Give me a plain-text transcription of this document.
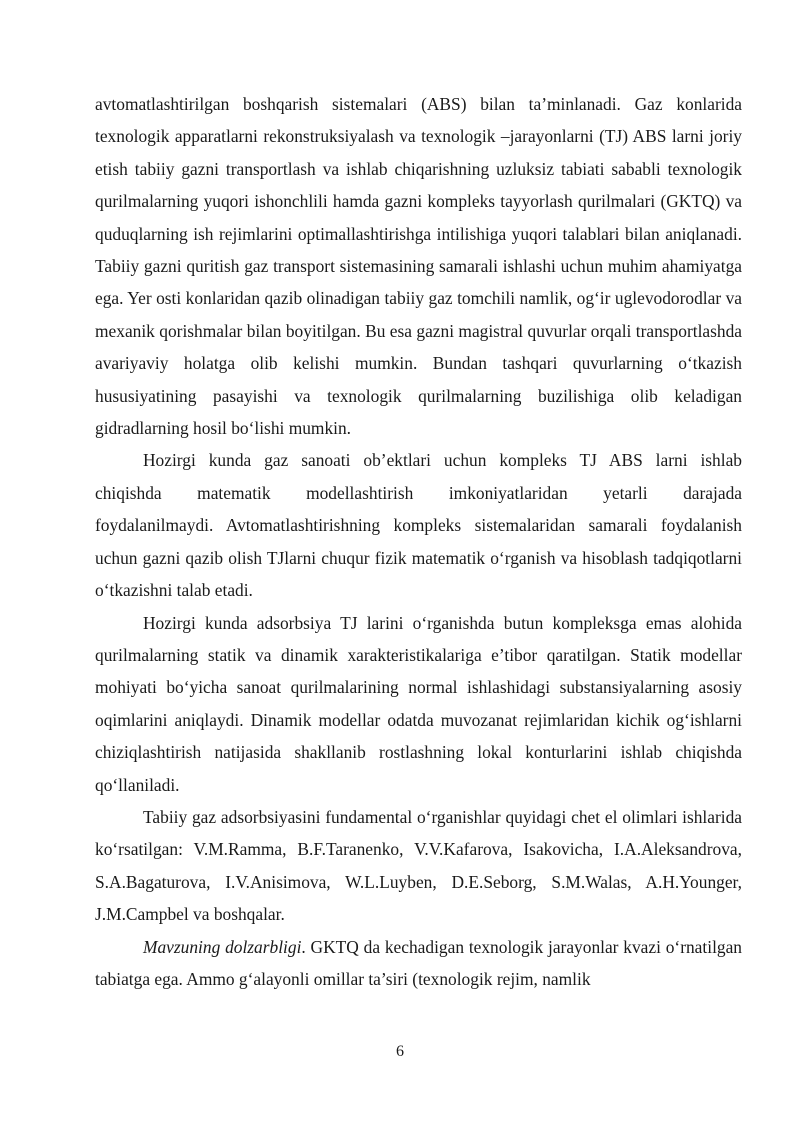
avtomatlashtirilgan boshqarish sistemalari (ABS) bilan ta’minlanadi. Gaz konlarida texnologik apparatlarni rekonstruksiyalash va texnologik –jarayonlarni (TJ) ABS larni joriy etish tabiiy gazni transportlash va ishlab chiqarishning uzluksiz tabiati sababli texnologik qurilmalarning yuqori ishonchlili hamda gazni kompleks tayyorlash qurilmalari (GKTQ) va quduqlarning ish rejimlarini optimallashtirishga intilishiga yuqori talablari bilan aniqlanadi. Tabiiy gazni quritish gaz transport sistemasining samarali ishlashi uchun muhim ahamiyatga ega. Yer osti konlaridan qazib olinadigan tabiiy gaz tomchili namlik, og‘ir uglevodorodlar va mexanik qorishmalar bilan boyitilgan. Bu esa gazni magistral quvurlar orqali transportlashda avariyaviy holatga olib kelishi mumkin. Bundan tashqari quvurlarning o‘tkazish hususiyatining pasayishi va texnologik qurilmalarning buzilishiga olib keladigan gidradlarning hosil bo‘lishi mumkin.

Hozirgi kunda gaz sanoati ob’ektlari uchun kompleks TJ ABS larni ishlab

chiqishda matematik modellashtirish imkoniyatlaridan yetarli darajada

foydalanilmaydi. Avtomatlashtirishning kompleks sistemalaridan samarali foydalanish uchun gazni qazib olish TJlarni chuqur fizik matematik o‘rganish va hisoblash tadqiqotlarni o‘tkazishni talab etadi.

Hozirgi kunda adsorbsiya TJ larini o‘rganishda butun kompleksga emas alohida qurilmalarning statik va dinamik xarakteristikalariga e’tibor qaratilgan. Statik modellar mohiyati bo‘yicha sanoat qurilmalarining normal ishlashidagi substansiyalarning asosiy oqimlarini aniqlaydi. Dinamik modellar odatda muvozanat rejimlaridan kichik og‘ishlarni chiziqlashtirish natijasida shakllanib rostlashning lokal konturlarini ishlab chiqishda qo‘llaniladi.

Tabiiy gaz adsorbsiyasini fundamental o‘rganishlar quyidagi chet el olimlari ishlarida ko‘rsatilgan: V.M.Ramma, B.F.Taranenko, V.V.Kafarova, Isakovicha, I.A.Aleksandrova, S.A.Bagaturova, I.V.Anisimova, W.L.Luyben, D.E.Seborg, S.M.Walas, A.H.Younger, J.M.Campbel va boshqalar.

Mavzuning dolzarbligi. GKTQ da kechadigan texnologik jarayonlar kvazi o‘rnatilgan tabiatga ega. Ammo g‘alayonli omillar ta’siri (texnologik rejim, namlik

6
